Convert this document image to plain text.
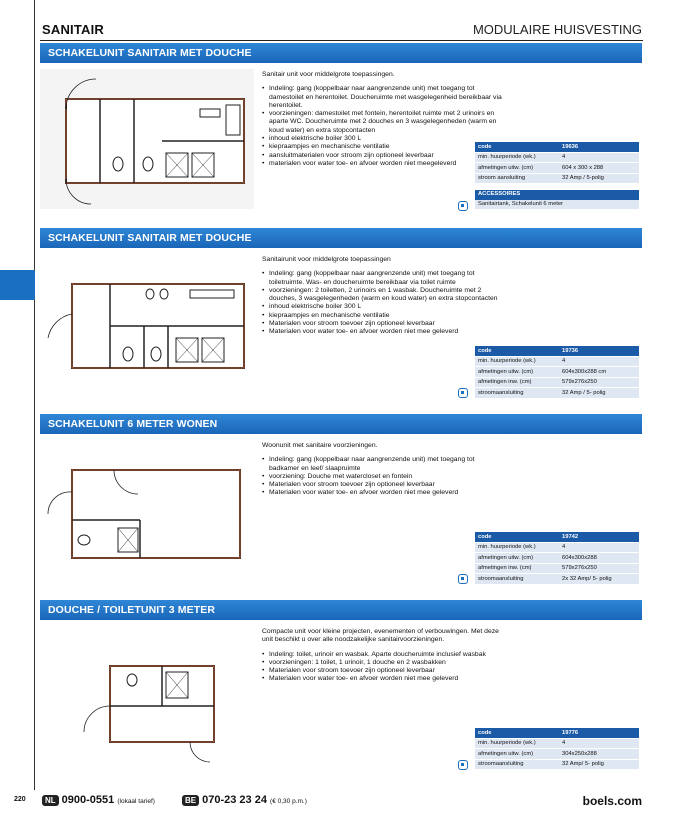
SANITAIR	MODULAIRE HUISVESTING
SCHAKELUNIT SANITAIR MET DOUCHE

Sanitair unit voor middelgrote toepassingen.

• Indeling: gang (koppelbaar naar aangrenzende unit) met toegang tot damestoilet en herentoilet. Doucheruimte met wasgelegenheid bereikbaar via herentoilet.
• voorzieningen: damestoilet met fontein, herentoilet ruimte met 2 urinoirs en aparte WC. Doucheruimte met 2 douches en 3 wasgelegenheden (warm en koud water) en extra stopcontacten
• inhoud elektrische boiler 300 L
• kiepraampjes en mechanische ventilatie
• aansluitmaterialen voor stroom zijn optioneel leverbaar
• materialen voor water toe- en afvoer worden niet meegeleverd
code	19636
min. huurperiode (wk.)	4
afmetingen uitw. (cm)	604 x 300 x 288
stroom aansluiting	32 Amp / 5-polig
ACCESSOIRES
Sanitairtank, Schakelunit 6 meter
SCHAKELUNIT SANITAIR MET DOUCHE

Sanitairunit voor middelgrote toepassingen

• Indeling: gang (koppelbaar naar aangrenzende unit) met toegang tot toiletruimte. Was- en doucheruimte bereikbaar via toilet ruimte
• voorzieningen: 2 toiletten, 2 urinoirs en 1 wasbak. Doucheruimte met 2 douches, 3 wasgelegenheden (warm en koud water) en extra stopcontacten
• inhoud elektrische boiler 300 L
• kiepraampjes en mechanische ventilatie
• Materialen voor stroom toevoer zijn optioneel leverbaar
• Materialen voor water toe- en afvoer worden niet mee geleverd
code	19736
min. huurperiode (wk.)	4
afmetingen uitw. (cm)	604x300x288 cm
afmetingen inw. (cm)	579x276x250
stroomaansluiting	32 Amp / 5- polig
SCHAKELUNIT 6 METER WONEN

Woonunit met sanitaire voorzieningen.

• Indeling: gang (koppelbaar naar aangrenzende unit) met toegang tot badkamer en leef/ slaapruimte
• voorziening: Douche met watercloset en fontein
• Materialen voor stroom toevoer zijn optioneel leverbaar
• Materialen voor water toe- en afvoer worden niet mee geleverd
code	19742
min. huurperiode (wk.)	4
afmetingen uitw. (cm)	604x300x288
afmetingen inw. (cm)	579x276x250
stroomaansluiting	2x 32 Amp/ 5- polig
DOUCHE / TOILETUNIT 3 METER

Compacte unit voor kleine projecten, evenementen of verbouwingen. Met deze unit beschikt u over alle noodzakelijke sanitairvoorzieningen.

• Indeling: toilet, urinoir en wasbak. Aparte doucheruimte inclusief wasbak
• voorzieningen: 1 toilet, 1 urinoir, 1 douche en 2 wasbakken
• Materialen voor stroom toevoer zijn optioneel leverbaar
• Materialen voor water toe- en afvoer worden niet mee geleverd
code	19776
min. huurperiode (wk.)	4
afmetingen uitw. (cm)	304x250x288
stroomaansluiting	32 Amp/ 5- polig
220	NL 0900-0551 (lokaal tarief)	BE 070-23 23 24 (€ 0,30 p.m.)	boels.com
